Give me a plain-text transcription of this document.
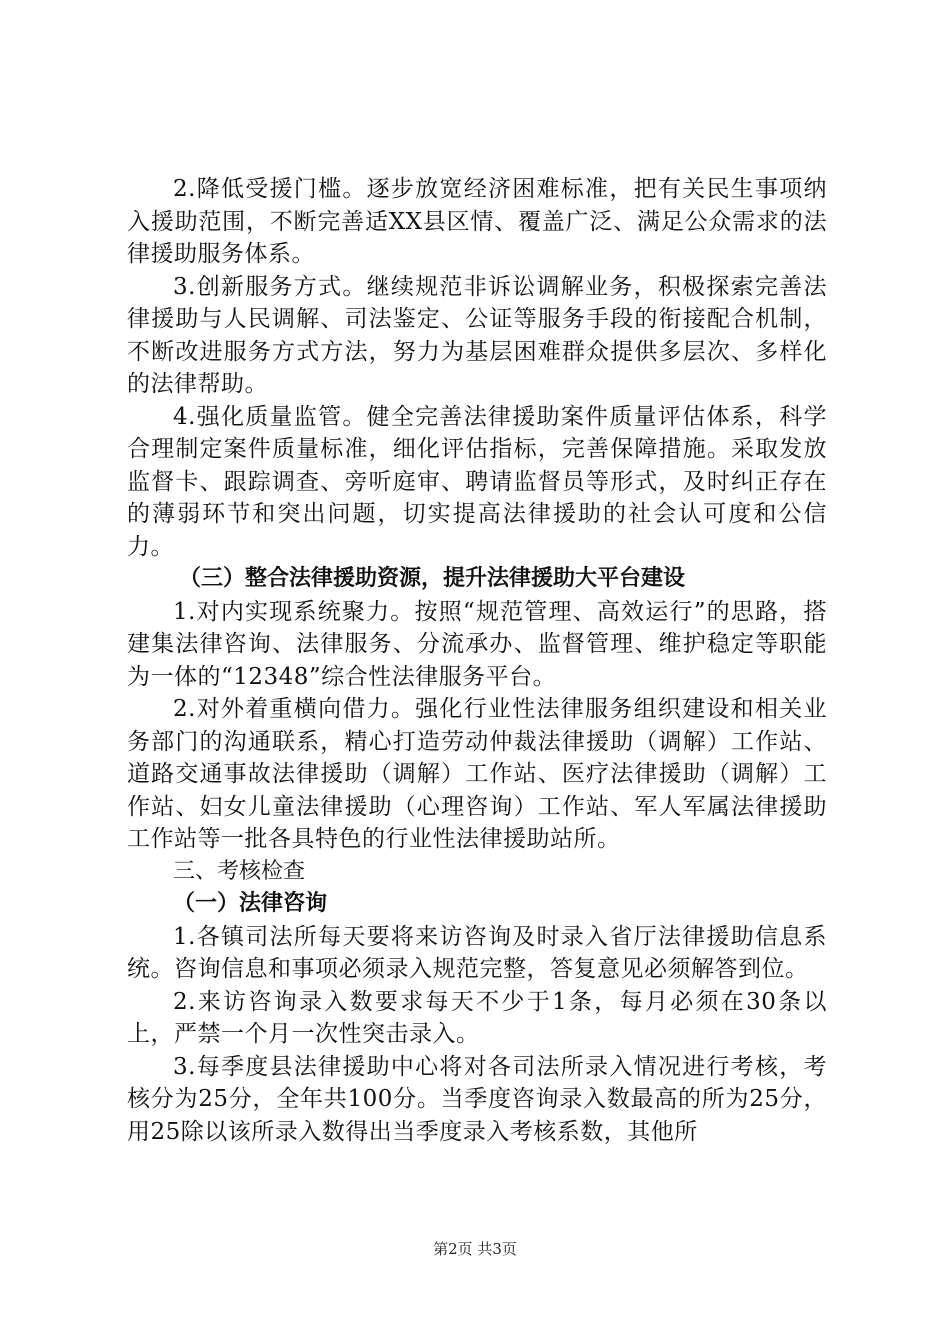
2.降低受援门槛。逐步放宽经济困难标准，把有关民生事项纳入援助范围，不断完善适XX县区情、覆盖广泛、满足公众需求的法律援助服务体系。

3.创新服务方式。继续规范非诉讼调解业务，积极探索完善法律援助与人民调解、司法鉴定、公证等服务手段的衔接配合机制，不断改进服务方式方法，努力为基层困难群众提供多层次、多样化的法律帮助。

4.强化质量监管。健全完善法律援助案件质量评估体系，科学合理制定案件质量标准，细化评估指标，完善保障措施。采取发放监督卡、跟踪调查、旁听庭审、聘请监督员等形式，及时纠正存在的薄弱环节和突出问题，切实提高法律援助的社会认可度和公信力。

（三）整合法律援助资源，提升法律援助大平台建设

1.对内实现系统聚力。按照“规范管理、高效运行”的思路，搭建集法律咨询、法律服务、分流承办、监督管理、维护稳定等职能为一体的“12348”综合性法律服务平台。

2.对外着重横向借力。强化行业性法律服务组织建设和相关业务部门的沟通联系，精心打造劳动仲裁法律援助（调解）工作站、道路交通事故法律援助（调解）工作站、医疗法律援助（调解）工作站、妇女儿童法律援助（心理咨询）工作站、军人军属法律援助工作站等一批各具特色的行业性法律援助站所。

三、考核检查
（一）法律咨询

1.各镇司法所每天要将来访咨询及时录入省厅法律援助信息系统。咨询信息和事项必须录入规范完整，答复意见必须解答到位。

2.来访咨询录入数要求每天不少于1条，每月必须在30条以上，严禁一个月一次性突击录入。

3.每季度县法律援助中心将对各司法所录入情况进行考核，考核分为25分，全年共100分。当季度咨询录入数最高的所为25分，用25除以该所录入数得出当季度录入考核系数，其他所

第2页 共3页
